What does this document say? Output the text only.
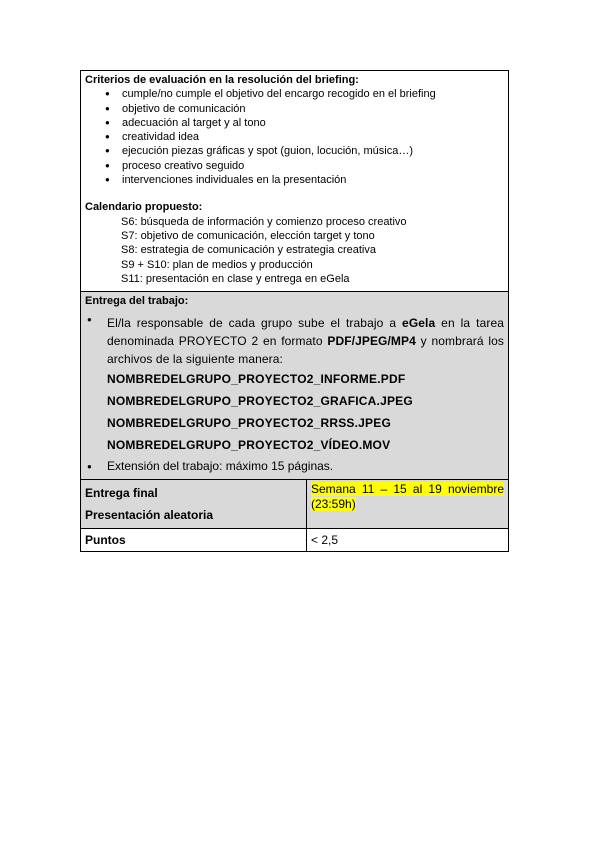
Criterios de evaluación en la resolución del briefing:
● cumple/no cumple el objetivo del encargo recogido en el briefing
● objetivo de comunicación
● adecuación al target y al tono
● creatividad idea
● ejecución piezas gráficas y spot (guion, locución, música…)
● proceso creativo seguido
● intervenciones individuales en la presentación
Calendario propuesto:
S6: búsqueda de información y comienzo proceso creativo
S7: objetivo de comunicación, elección target y tono
S8: estrategia de comunicación y estrategia creativa
S9 + S10: plan de medios y producción
S11: presentación en clase y entrega en eGela
Entrega del trabajo:
● El/la responsable de cada grupo sube el trabajo a eGela en la tarea denominada PROYECTO 2 en formato PDF/JPEG/MP4 y nombrará los archivos de la siguiente manera:
NOMBREDELGRUPO_PROYECTO2_INFORME.PDF
NOMBREDELGRUPO_PROYECTO2_GRAFICA.JPEG
NOMBREDELGRUPO_PROYECTO2_RRSS.JPEG
NOMBREDELGRUPO_PROYECTO2_VÍDEO.MOV
● Extensión del trabajo: máximo 15 páginas.
Entrega final
Presentación aleatoria
Semana 11 – 15 al 19 noviembre (23:59h)
Puntos	< 2,5
